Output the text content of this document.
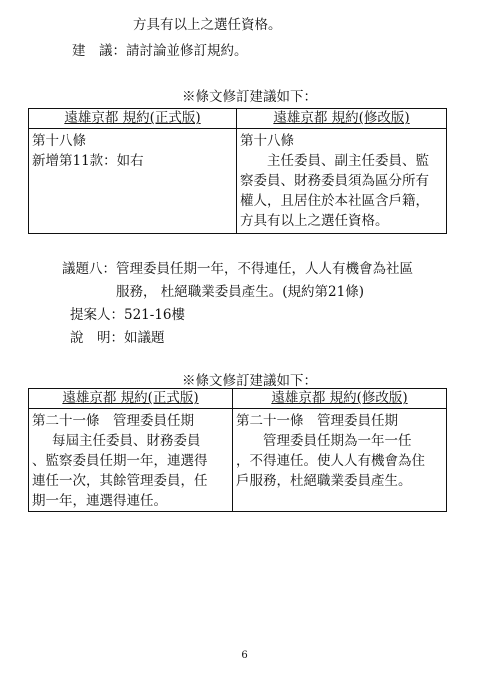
方具有以上之選任資格。
建　議：請討論並修訂規約。
※條文修訂建議如下：
遠雄京都 規約(正式版)

第十八條

新增第11款：如右

遠雄京都 規約(修改版)

第十八條

主任委員、副主任委員、監

察委員、財務委員須為區分所有

權人，且居住於本社區含戶籍，

方具有以上之選任資格。

議題八：管理委員任期一年，不得連任，人人有機會為社區
服務， 杜絕職業委員產生。(規約第21條)
提案人：521-16樓
說　明：如議題
※條文修訂建議如下：
遠雄京都 規約(正式版)

第二十一條　管理委員任期

每屆主任委員、財務委員

、監察委員任期一年，連選得

連任一次，其餘管理委員，任

期一年，連選得連任。

遠雄京都 規約(修改版)

第二十一條　管理委員任期

管理委員任期為一年一任

，不得連任。使人人有機會為住

戶服務，杜絕職業委員產生。

6
